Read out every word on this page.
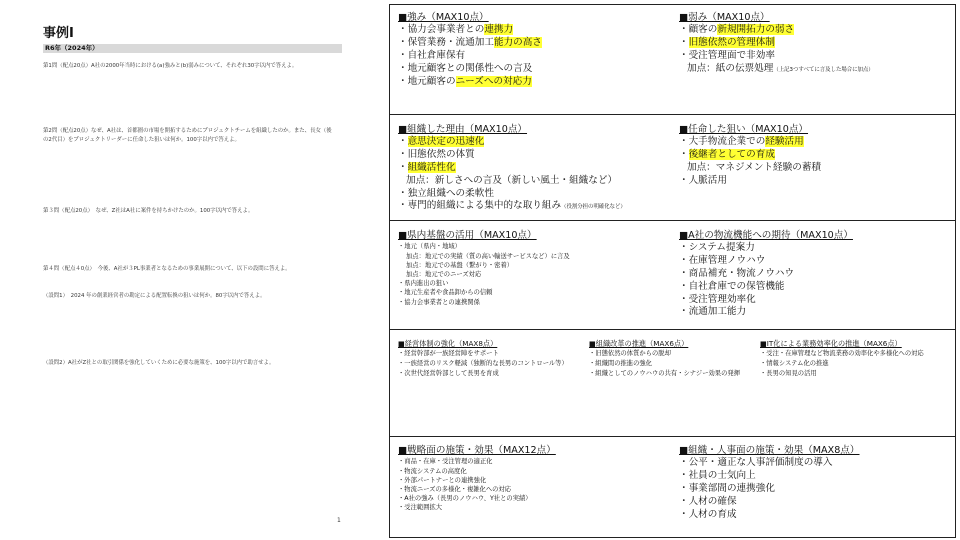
事例Ⅰ
R6年（2024年）
第1問（配点20点）A社の2000年当時における(a)強みと(b)弱みについて、それぞれ30字以内で答えよ。
第2問（配点20点）なぜ、A社は、首都圏の市場を開拓するためにプロジェクトチームを組織したのか。また、長女（後の2代目）をプロジェクトリーダーに任命した狙いは何か。100字以内で答えよ。
第３問（配点20点）　なぜ、Z社はA社に案件を持ちかけたのか。100字以内で答えよ。
第４問（配点４0点）　今後、A社が３PL事業者となるための事業展開について、以下の設問に答えよ。
（設問1）　2024 年の創業経営者の勘定による配置転換の狙いは何か。80字以内で答えよ。
（設問2）A社がZ社との取引関係を強化していくために必要な施策を、100字以内で助言せよ。
1
■強み（MAX10点）
・協力会事業者との連携力
・保管業務・流通加工能力の高さ
・自社倉庫保有
・地元顧客との関係性への言及
・地元顧客のニーズへの対応力
■弱み（MAX10点）
・顧客の新規開拓力の弱さ
・旧態依然の管理体制
・受注管理面で非効率
加点：紙の伝票処理（上記3つすべてに言及した場合に加点）
■組織した理由（MAX10点）
・意思決定の迅速化
・旧態依然の体質
・組織活性化
加点：新しさへの言及（新しい風土・組織など）
・独立組織への柔軟性
・専門的組織による集中的な取り組み（役割分担の明確化など）
■任命した狙い（MAX10点）
・大手物流企業での経験活用
・後継者としての育成
加点：マネジメント経験の蓄積
・人脈活用
■県内基盤の活用（MAX10点）
・地元（県内・地域）
加点：地元での実績（質の高い輸送サービスなど）に言及
加点：地元での基盤（繋がり・密着）
加点：地元でのニーズ対応
・県内進出の狙い
・地元生産者や食品卸からの信頼
・協力会事業者との連携関係
■A社の物流機能への期待（MAX10点）
・システム提案力
・在庫管理ノウハウ
・商品補充・物流ノウハウ
・自社倉庫での保管機能
・受注管理効率化
・流通加工能力
■経営体制の強化（MAX8点）
・経営幹部が一族経営陣をサポート
・一族経営のリスク軽減（独断的な長男のコントロール等）
・次世代経営幹部として長男を育成
■組織改革の推進（MAX6点）
・旧態依然の体質からの脱却
・組織間の推進の強化
・組織としてのノウハウの共有・シナジー効果の発揮
■IT化による業務効率化の推進（MAX6点）
・受注・在庫管理など物流業務の効率化や多様化への対応
・情報システム化の推進
・長男の知見の活用
■戦略面の施策・効果（MAX12点）
・商品・在庫・受注管理の適正化
・物流システムの高度化
・外部パートナーとの連携強化
・物流ニーズの多様化・複雑化への対応
・A社の強み（長男のノウハウ、Y社との実績）
・受注範囲拡大
■組織・人事面の施策・効果（MAX8点）
・公平・適正な人事評価制度の導入
・社員の士気向上
・事業部間の連携強化
・人材の確保
・人材の育成
